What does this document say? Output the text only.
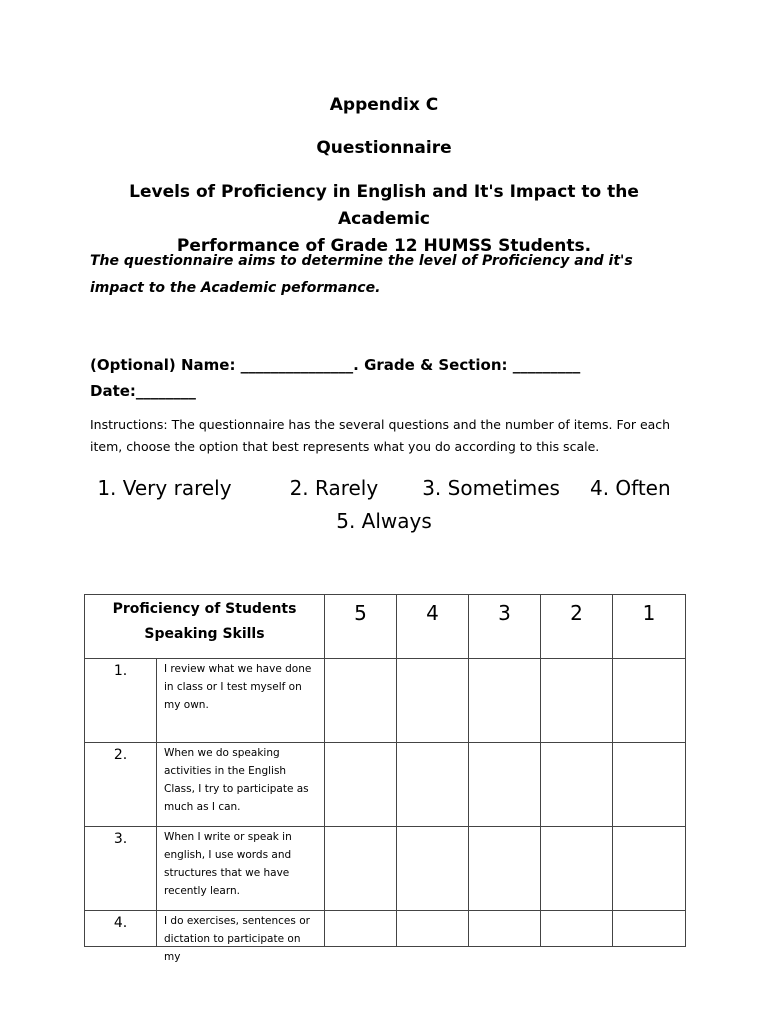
Appendix C
Questionnaire
Levels of Proficiency in English and It's Impact to the Academic
Performance of Grade 12 HUMSS Students.
The questionnaire aims to determine the level of Proficiency and it's impact to the Academic peformance.
(Optional) Name: _______________. Grade & Section: _________
Date:________
Instructions: The questionnaire has the several questions and the number of items. For each item, choose the option that best represents what you do according to this scale.
1. Very rarely	2. Rarely 3. Sometimes 4. Often
5. Always
Proficiency of Students
Speaking Skills		5	4	3	2	1
1.	I review what we have done in class or I test myself on my own.					
2.	When we do speaking activities in the English Class, I try to participate as much as I can.					
3.	When I write or speak in english, I use words and structures that we have recently learn.					
4.	I do exercises, sentences or dictation to participate on my					
